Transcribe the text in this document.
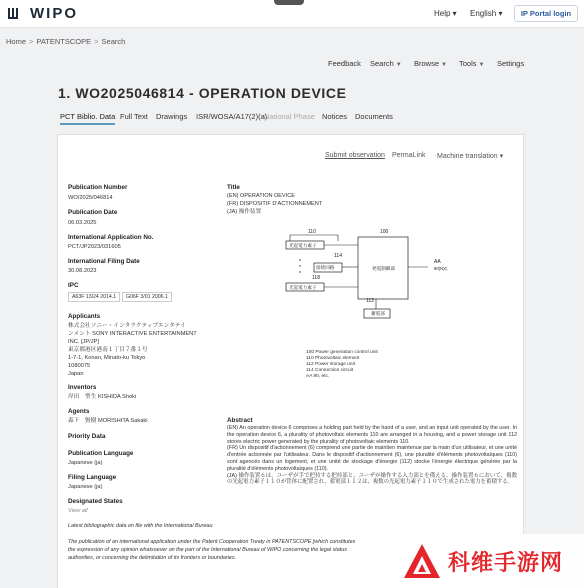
WIPO	Help ▾ English ▾	IP Portal login
Home > PATENTSCOPE > Search
Feedback Search ▼ Browse ▼ Tools ▼ Settings
1. WO2025046814 - OPERATION DEVICE
PCT Biblio. Data Full Text Drawings ISR/WOSA/A17(2)(a)
National Phase Notices Documents
Submit observation PermaLink Machine translation ▾
Publication Number
WO/2025/046814
Publication Date
06.03.2025
International Application No.
PCT/JP2023/031605
International Filing Date
30.08.2023
IPC
A63F 13/24 2014.1	G06F 3/01 2006.1
Applicants
株式会社ソニー・インタラクティブエンタテイ
ンメント SONY INTERACTIVE ENTERTAINMENT
INC. [JP/JP]
東京都港区港南１丁目７番１号
1-7-1, Konan, Minato-ku Tokyo
1080075
Japan
Inventors
岸田　聖生 KISHIDA Shoki
Agents
森下　賢樹 MORISHITA Sakaki
Priority Data
Publication Language
Japanese (ja)
Filing Language
Japanese (ja)
Designated States
View all
Title
(EN) OPERATION DEVICE
(FR) DISPOSITIF D'ACTIONNEMENT
(JA) 操作装置
110	100
光起電力素子
114
接続回路
118
光起電力素子
発電制御部
AA
90(N)C
112
蓄電部
100 Power generation control unit
110 Photovoltaic element
112 Power storage unit
114 Connection circuit
AA 90, etc.
Abstract
(EN) An operation device 6 comprises a holding part held by the hand of a user, and an input unit operated by the user. In the operation device 6, a plurality of photovoltaic elements 110 are arranged in a housing, and a power storage unit 112 stores electric power generated by the plurality of photovoltaic elements 110.
(FR) Un dispositif d'actionnement (6) comprend une partie de maintien maintenue par la main d'un utilisateur, et une unité d'entrée actionnée par l'utilisateur. Dans le dispositif d'actionnement (6), une pluralité d'éléments photovoltaïques (110) sont agencés dans un logement, et une unité de stockage d'énergie (112) stocke l'énergie électrique générée par la pluralité d'éléments photovoltaïques (110).
(JA) 操作装置６は、ユーザが手で把持する把持部と、ユーザが操作する入力部とを備える。操作装置６において、複数の光起電力素子１１０が筐体に配置され、蓄電部１１２は、複数の光起電力素子１１０で生成された電力を蓄積する。
Latest bibliographic data on file with the International Bureau
The publication of an international application under the Patent Cooperation Treaty in PATENTSCOPE [which constitutes
the expression of any opinion whatsoever on the part of the International Bureau of WIPO concerning the legal status
authorities, or concerning the delimitation of its frontiers or boundaries.	科维手游网
